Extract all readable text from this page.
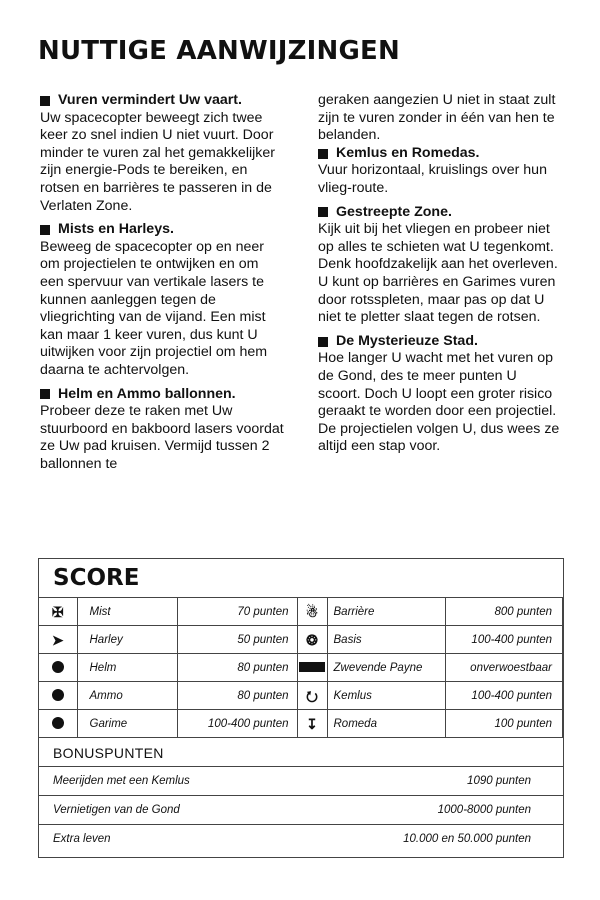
NUTTIGE AANWIJZINGEN

Vuren vermindert Uw vaart.

Uw spacecopter beweegt zich twee keer zo snel indien U niet vuurt. Door minder te vuren zal het gemakkelijker zijn energie-Pods te bereiken, en rotsen en barrières te passeren in de Verlaten Zone.

Mists en Harleys.

Beweeg de spacecopter op en neer om projectielen te ontwijken en om een spervuur van vertikale lasers te kunnen aanleggen tegen de vliegrichting van de vijand. Een mist kan maar 1 keer vuren, dus kunt U uitwijken voor zijn projectiel om hem daarna te achtervolgen.

Helm en Ammo ballonnen.

Probeer deze te raken met Uw stuurboord en bakboord lasers voordat ze Uw pad kruisen. Vermijd tussen 2 ballonnen te

geraken aangezien U niet in staat zult zijn te vuren zonder in één van hen te belanden.

Kemlus en Romedas.

Vuur horizontaal, kruislings over hun vlieg-route.

Gestreepte Zone.

Kijk uit bij het vliegen en probeer niet op alles te schieten wat U tegenkomt. Denk hoofdzakelijk aan het overleven. U kunt op barrières en Garimes vuren door rotsspleten, maar pas op dat U niet te pletter slaat tegen de rotsen.

De Mysterieuze Stad.

Hoe langer U wacht met het vuren op de Gond, des te meer punten U scoort. Doch U loopt een groter risico geraakt te worden door een projectiel. De projectielen volgen U, dus wees ze altijd een stap voor.

SCORE
✠	Mist	70 punten	☃	Barrière	800 punten
➤	Harley	50 punten	❂	Basis	100-400 punten
	Helm	80 punten		Zwevende Payne	onverwoestbaar
	Ammo	80 punten	⭮	Kemlus	100-400 punten
	Garime	100-400 punten	↧	Romeda	100 punten
BONUSPUNTEN
Meerijden met een Kemlus	1090 punten
Vernietigen van de Gond	1000-8000 punten
Extra leven	10.000 en 50.000 punten
